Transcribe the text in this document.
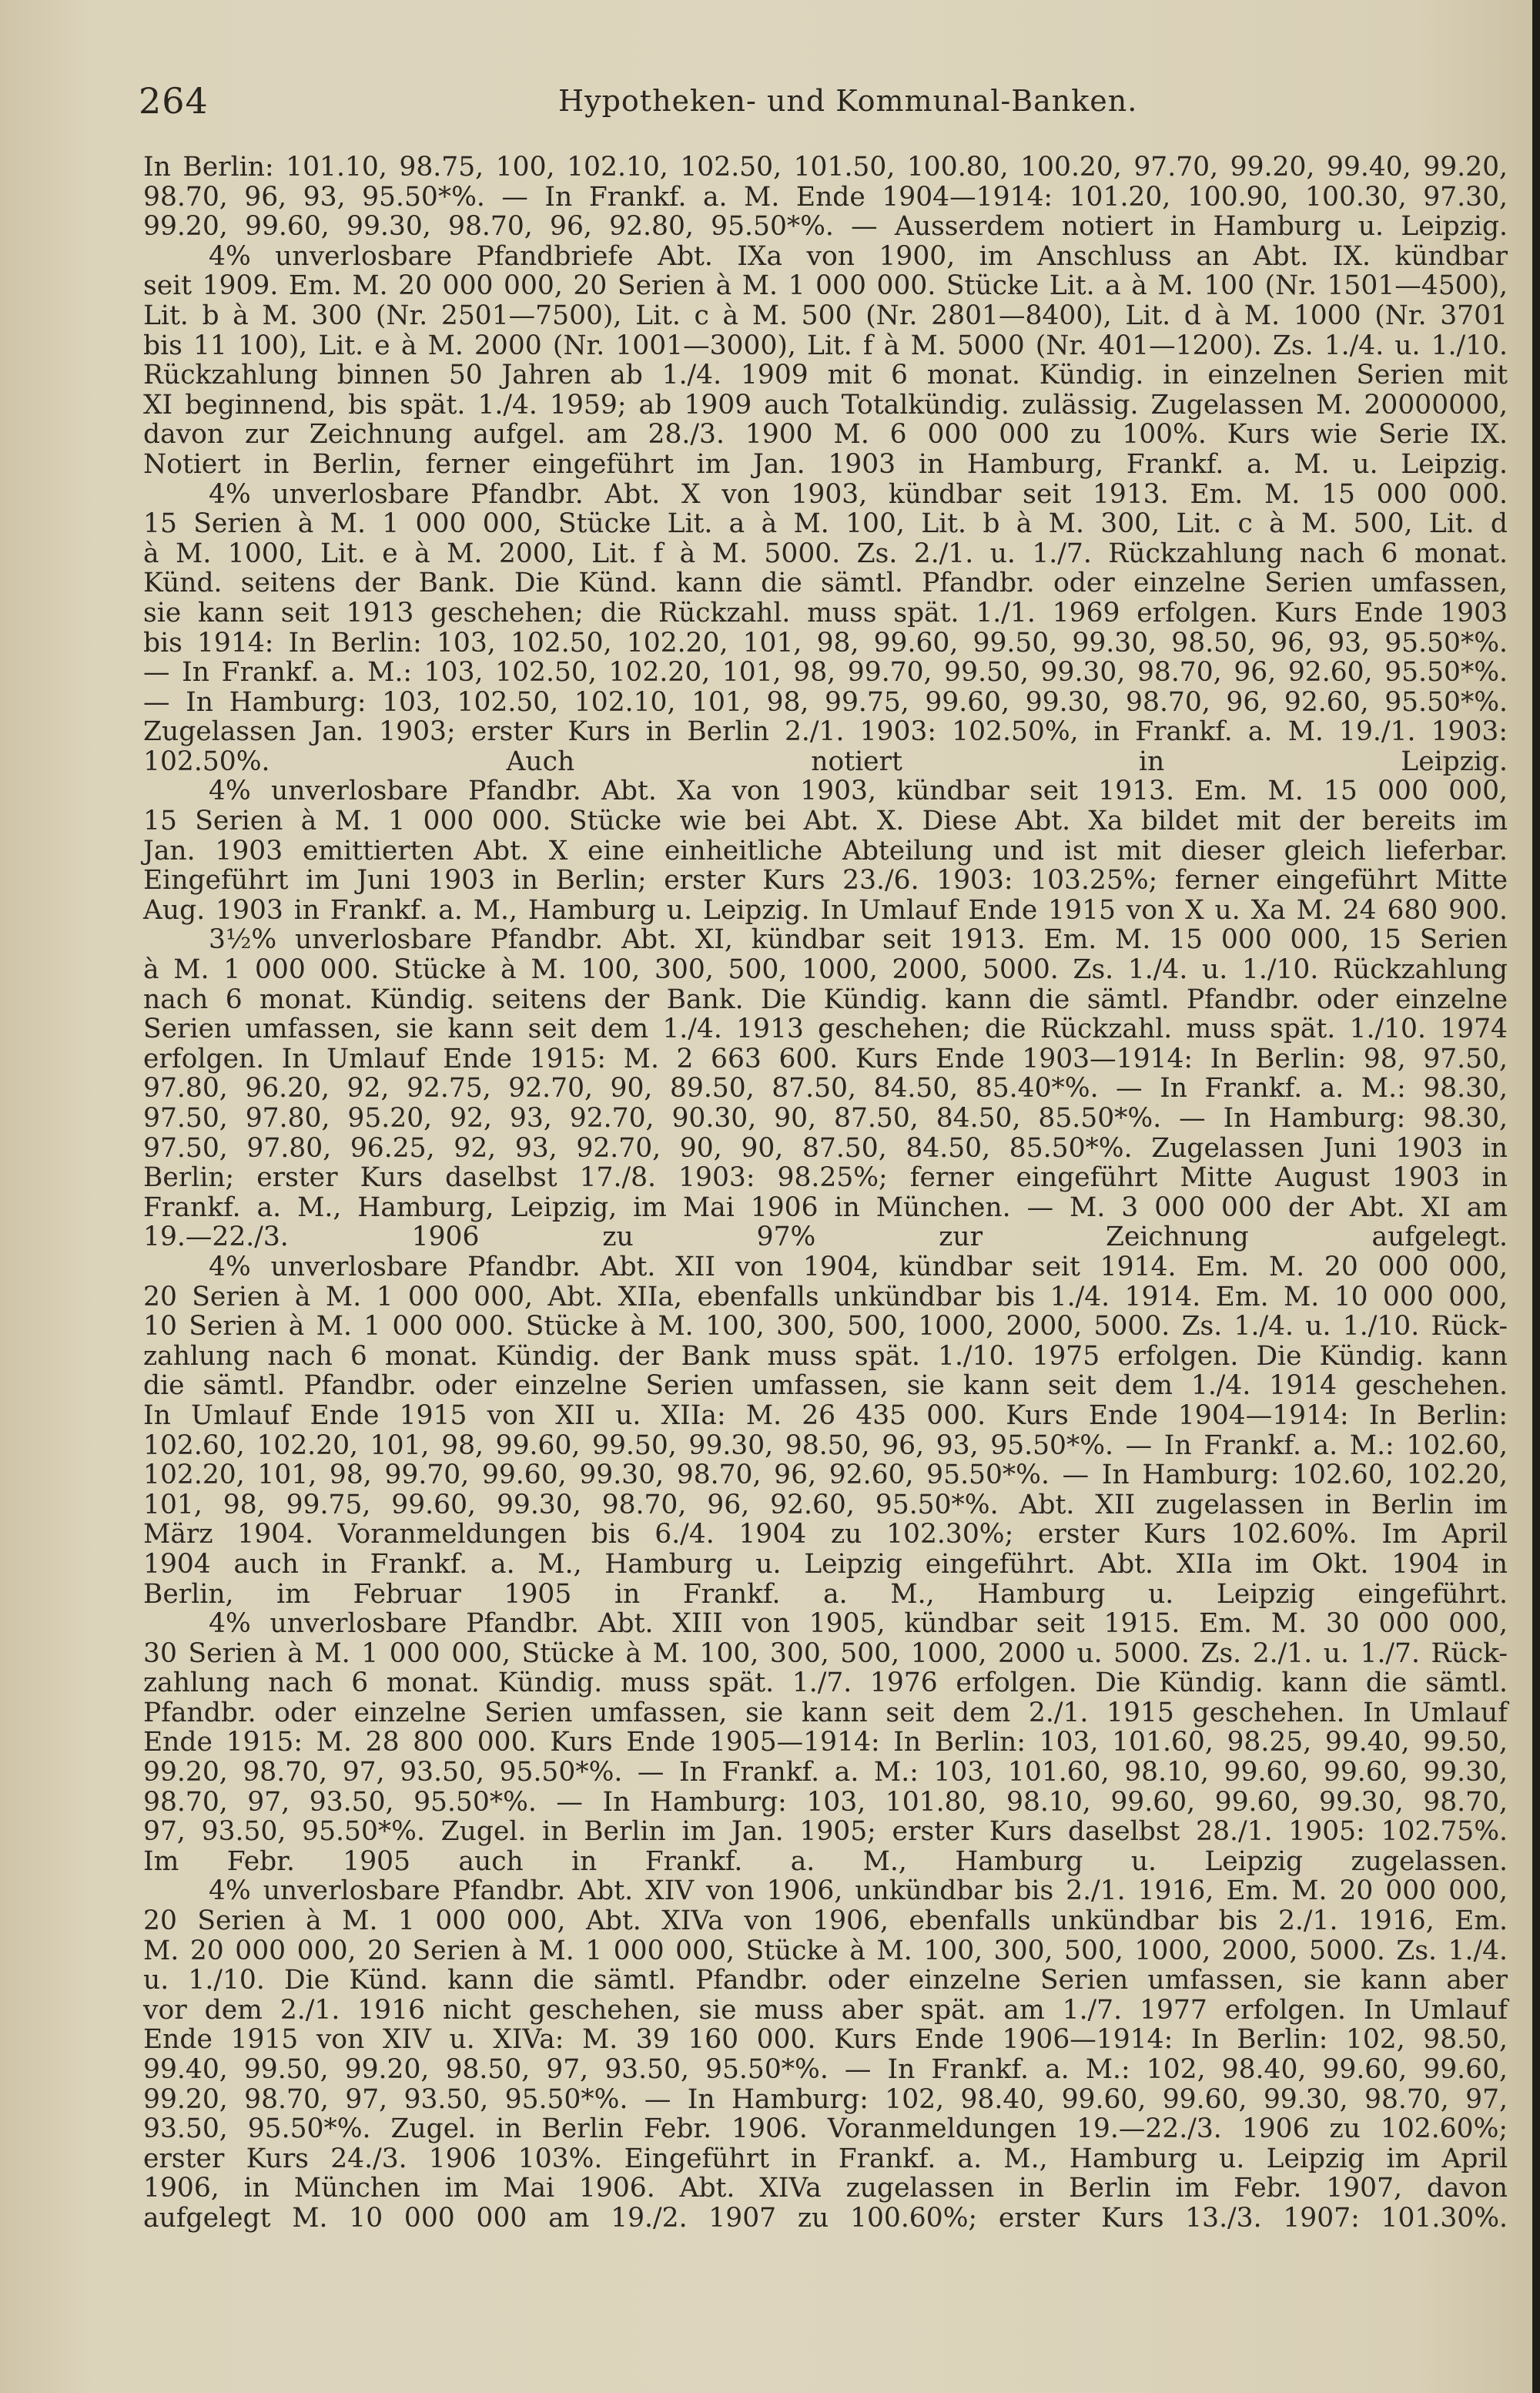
264	Hypotheken- und Kommunal-Banken.
In Berlin: 101.10, 98.75, 100, 102.10, 102.50, 101.50, 100.80, 100.20, 97.70, 99.20, 99.40, 99.20,
98.70, 96, 93, 95.50*%. — In Frankf. a. M. Ende 1904—1914: 101.20, 100.90, 100.30, 97.30,
99.20, 99.60, 99.30, 98.70, 96, 92.80, 95.50*%. — Ausserdem notiert in Hamburg u. Leipzig.
4% unverlosbare Pfandbriefe Abt. IXa von 1900, im Anschluss an Abt. IX. kündbar
seit 1909. Em. M. 20 000 000, 20 Serien à M. 1 000 000. Stücke Lit. a à M. 100 (Nr. 1501—4500),
Lit. b à M. 300 (Nr. 2501—7500), Lit. c à M. 500 (Nr. 2801—8400), Lit. d à M. 1000 (Nr. 3701
bis 11 100), Lit. e à M. 2000 (Nr. 1001—3000), Lit. f à M. 5000 (Nr. 401—1200). Zs. 1./4. u. 1./10.
Rückzahlung binnen 50 Jahren ab 1./4. 1909 mit 6 monat. Kündig. in einzelnen Serien mit
XI beginnend, bis spät. 1./4. 1959; ab 1909 auch Totalkündig. zulässig. Zugelassen M. 20000000,
davon zur Zeichnung aufgel. am 28./3. 1900 M. 6 000 000 zu 100%. Kurs wie Serie IX.
Notiert in Berlin, ferner eingeführt im Jan. 1903 in Hamburg, Frankf. a. M. u. Leipzig.
4% unverlosbare Pfandbr. Abt. X von 1903, kündbar seit 1913. Em. M. 15 000 000.
15 Serien à M. 1 000 000, Stücke Lit. a à M. 100, Lit. b à M. 300, Lit. c à M. 500, Lit. d
à M. 1000, Lit. e à M. 2000, Lit. f à M. 5000. Zs. 2./1. u. 1./7. Rückzahlung nach 6 monat.
Künd. seitens der Bank. Die Künd. kann die sämtl. Pfandbr. oder einzelne Serien umfassen,
sie kann seit 1913 geschehen; die Rückzahl. muss spät. 1./1. 1969 erfolgen. Kurs Ende 1903
bis 1914: In Berlin: 103, 102.50, 102.20, 101, 98, 99.60, 99.50, 99.30, 98.50, 96, 93, 95.50*%.
— In Frankf. a. M.: 103, 102.50, 102.20, 101, 98, 99.70, 99.50, 99.30, 98.70, 96, 92.60, 95.50*%.
— In Hamburg: 103, 102.50, 102.10, 101, 98, 99.75, 99.60, 99.30, 98.70, 96, 92.60, 95.50*%.
Zugelassen Jan. 1903; erster Kurs in Berlin 2./1. 1903: 102.50%, in Frankf. a. M. 19./1. 1903:
102.50%. Auch notiert in Leipzig.
4% unverlosbare Pfandbr. Abt. Xa von 1903, kündbar seit 1913. Em. M. 15 000 000,
15 Serien à M. 1 000 000. Stücke wie bei Abt. X. Diese Abt. Xa bildet mit der bereits im
Jan. 1903 emittierten Abt. X eine einheitliche Abteilung und ist mit dieser gleich lieferbar.
Eingeführt im Juni 1903 in Berlin; erster Kurs 23./6. 1903: 103.25%; ferner eingeführt Mitte
Aug. 1903 in Frankf. a. M., Hamburg u. Leipzig. In Umlauf Ende 1915 von X u. Xa M. 24 680 900.
3½% unverlosbare Pfandbr. Abt. XI, kündbar seit 1913. Em. M. 15 000 000, 15 Serien
à M. 1 000 000. Stücke à M. 100, 300, 500, 1000, 2000, 5000. Zs. 1./4. u. 1./10. Rückzahlung
nach 6 monat. Kündig. seitens der Bank. Die Kündig. kann die sämtl. Pfandbr. oder einzelne
Serien umfassen, sie kann seit dem 1./4. 1913 geschehen; die Rückzahl. muss spät. 1./10. 1974
erfolgen. In Umlauf Ende 1915: M. 2 663 600. Kurs Ende 1903—1914: In Berlin: 98, 97.50,
97.80, 96.20, 92, 92.75, 92.70, 90, 89.50, 87.50, 84.50, 85.40*%. — In Frankf. a. M.: 98.30,
97.50, 97.80, 95.20, 92, 93, 92.70, 90.30, 90, 87.50, 84.50, 85.50*%. — In Hamburg: 98.30,
97.50, 97.80, 96.25, 92, 93, 92.70, 90, 90, 87.50, 84.50, 85.50*%. Zugelassen Juni 1903 in
Berlin; erster Kurs daselbst 17./8. 1903: 98.25%; ferner eingeführt Mitte August 1903 in
Frankf. a. M., Hamburg, Leipzig, im Mai 1906 in München. — M. 3 000 000 der Abt. XI am
19.—22./3. 1906 zu 97% zur Zeichnung aufgelegt.
4% unverlosbare Pfandbr. Abt. XII von 1904, kündbar seit 1914. Em. M. 20 000 000,
20 Serien à M. 1 000 000, Abt. XIIa, ebenfalls unkündbar bis 1./4. 1914. Em. M. 10 000 000,
10 Serien à M. 1 000 000. Stücke à M. 100, 300, 500, 1000, 2000, 5000. Zs. 1./4. u. 1./10. Rück-
zahlung nach 6 monat. Kündig. der Bank muss spät. 1./10. 1975 erfolgen. Die Kündig. kann
die sämtl. Pfandbr. oder einzelne Serien umfassen, sie kann seit dem 1./4. 1914 geschehen.
In Umlauf Ende 1915 von XII u. XIIa: M. 26 435 000. Kurs Ende 1904—1914: In Berlin:
102.60, 102.20, 101, 98, 99.60, 99.50, 99.30, 98.50, 96, 93, 95.50*%. — In Frankf. a. M.: 102.60,
102.20, 101, 98, 99.70, 99.60, 99.30, 98.70, 96, 92.60, 95.50*%. — In Hamburg: 102.60, 102.20,
101, 98, 99.75, 99.60, 99.30, 98.70, 96, 92.60, 95.50*%. Abt. XII zugelassen in Berlin im
März 1904. Voranmeldungen bis 6./4. 1904 zu 102.30%; erster Kurs 102.60%. Im April
1904 auch in Frankf. a. M., Hamburg u. Leipzig eingeführt. Abt. XIIa im Okt. 1904 in
Berlin, im Februar 1905 in Frankf. a. M., Hamburg u. Leipzig eingeführt.
4% unverlosbare Pfandbr. Abt. XIII von 1905, kündbar seit 1915. Em. M. 30 000 000,
30 Serien à M. 1 000 000, Stücke à M. 100, 300, 500, 1000, 2000 u. 5000. Zs. 2./1. u. 1./7. Rück-
zahlung nach 6 monat. Kündig. muss spät. 1./7. 1976 erfolgen. Die Kündig. kann die sämtl.
Pfandbr. oder einzelne Serien umfassen, sie kann seit dem 2./1. 1915 geschehen. In Umlauf
Ende 1915: M. 28 800 000. Kurs Ende 1905—1914: In Berlin: 103, 101.60, 98.25, 99.40, 99.50,
99.20, 98.70, 97, 93.50, 95.50*%. — In Frankf. a. M.: 103, 101.60, 98.10, 99.60, 99.60, 99.30,
98.70, 97, 93.50, 95.50*%. — In Hamburg: 103, 101.80, 98.10, 99.60, 99.60, 99.30, 98.70,
97, 93.50, 95.50*%. Zugel. in Berlin im Jan. 1905; erster Kurs daselbst 28./1. 1905: 102.75%.
Im Febr. 1905 auch in Frankf. a. M., Hamburg u. Leipzig zugelassen.
4% unverlosbare Pfandbr. Abt. XIV von 1906, unkündbar bis 2./1. 1916, Em. M. 20 000 000,
20 Serien à M. 1 000 000, Abt. XIVa von 1906, ebenfalls unkündbar bis 2./1. 1916, Em.
M. 20 000 000, 20 Serien à M. 1 000 000, Stücke à M. 100, 300, 500, 1000, 2000, 5000. Zs. 1./4.
u. 1./10. Die Künd. kann die sämtl. Pfandbr. oder einzelne Serien umfassen, sie kann aber
vor dem 2./1. 1916 nicht geschehen, sie muss aber spät. am 1./7. 1977 erfolgen. In Umlauf
Ende 1915 von XIV u. XIVa: M. 39 160 000. Kurs Ende 1906—1914: In Berlin: 102, 98.50,
99.40, 99.50, 99.20, 98.50, 97, 93.50, 95.50*%. — In Frankf. a. M.: 102, 98.40, 99.60, 99.60,
99.20, 98.70, 97, 93.50, 95.50*%. — In Hamburg: 102, 98.40, 99.60, 99.60, 99.30, 98.70, 97,
93.50, 95.50*%. Zugel. in Berlin Febr. 1906. Voranmeldungen 19.—22./3. 1906 zu 102.60%;
erster Kurs 24./3. 1906 103%. Eingeführt in Frankf. a. M., Hamburg u. Leipzig im April
1906, in München im Mai 1906. Abt. XIVa zugelassen in Berlin im Febr. 1907, davon
aufgelegt M. 10 000 000 am 19./2. 1907 zu 100.60%; erster Kurs 13./3. 1907: 101.30%.
